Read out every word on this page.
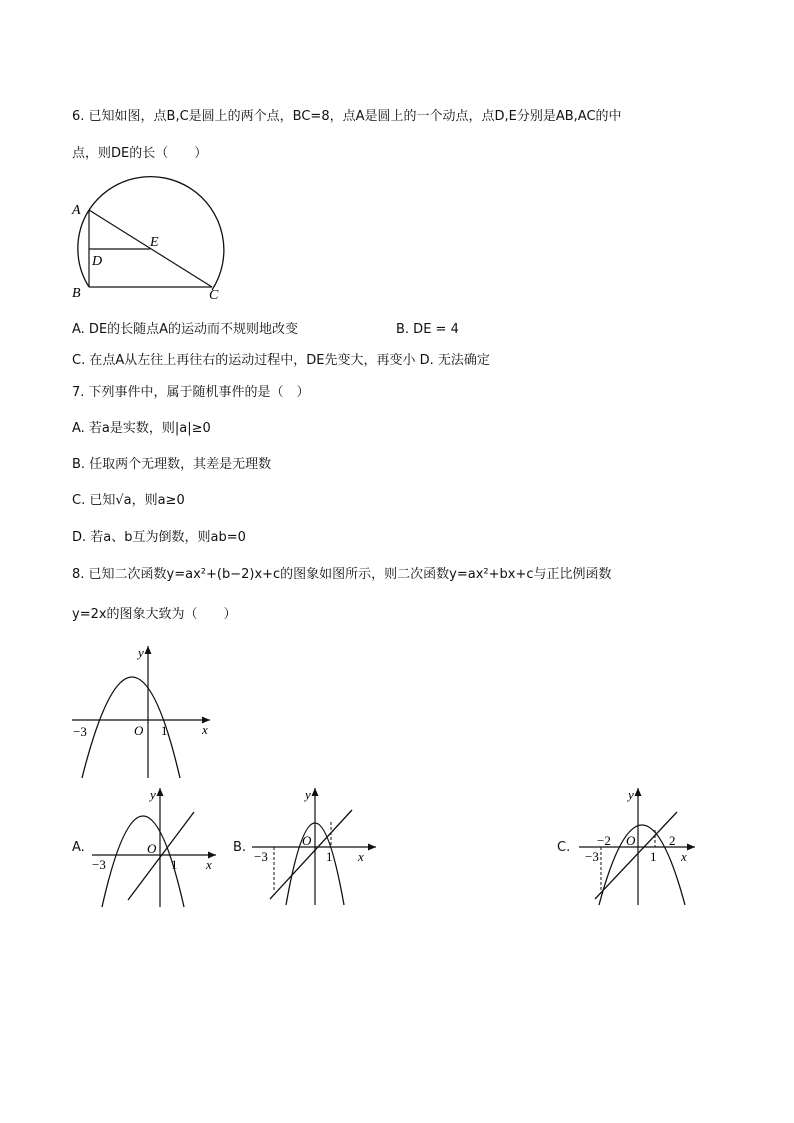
6. 已知如图，点B,C是圆上的两个点，BC=8，点A是圆上的一个动点，点D,E分别是AB,AC的中
点，则DE的长（　　）
A
B	C
D
E
A. DE的长随点A的运动而不规则地改变	B. DE = 4
C. 在点A从左往上再往右的运动过程中，DE先变大，再变小 D. 无法确定
7. 下列事件中，属于随机事件的是（　）
A. 若a是实数，则|a|≥0
B. 任取两个无理数，其差是无理数
C. 已知√a，则a≥0
D. 若a、b互为倒数，则ab=0
8. 已知二次函数y=ax²+(b−2)x+c的图象如图所示，则二次函数y=ax²+bx+c与正比例函数
y=2x的图象大致为（　　）
y
x
O
−3	1
A.
y
x
O
−3	1
B.
y
x
O
−3	1
C.
y
x
O
−3
−2
1
2
